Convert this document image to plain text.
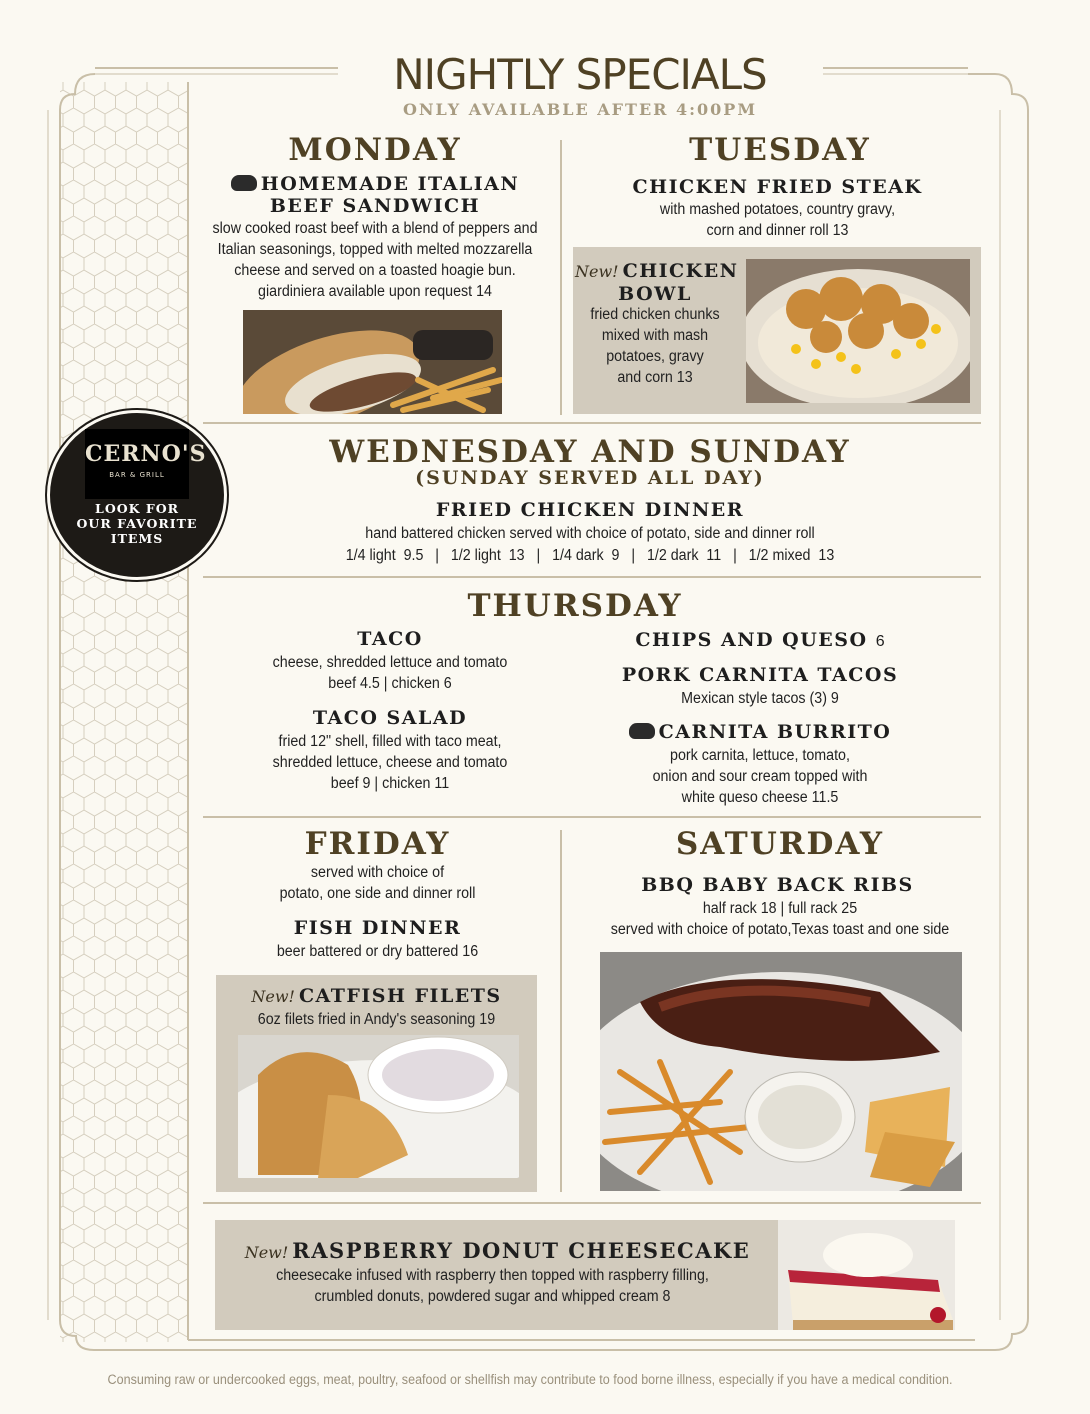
NIGHTLY SPECIALS
ONLY AVAILABLE AFTER 4:00PM
CERNO'S
BAR & GRILL
LOOK FOR
OUR FAVORITE
ITEMS
MONDAY
HOMEMADE ITALIAN
BEEF SANDWICH
slow cooked roast beef with a blend of peppers and
Italian seasonings, topped with melted mozzarella
cheese and served on a toasted hoagie bun.
giardiniera available upon request 14
TUESDAY
CHICKEN FRIED STEAK
with mashed potatoes, country gravy,
corn and dinner roll 13
New! CHICKEN
BOWL
fried chicken chunks
mixed with mash
potatoes, gravy
and corn 13
WEDNESDAY AND SUNDAY
(SUNDAY SERVED ALL DAY)
FRIED CHICKEN DINNER
hand battered chicken served with choice of potato, side and dinner roll
1/4 light  9.5   |   1/2 light  13   |   1/4 dark  9   |   1/2 dark  11   |   1/2 mixed  13
THURSDAY
TACO
cheese, shredded lettuce and tomato
beef 4.5 | chicken 6
TACO SALAD
fried 12" shell, filled with taco meat,
shredded lettuce, cheese and tomato
beef 9 | chicken 11
CHIPS AND QUESO 6
PORK CARNITA TACOS
Mexican style tacos (3) 9
CARNITA BURRITO
pork carnita, lettuce, tomato,
onion and sour cream topped with
white queso cheese 11.5
FRIDAY
served with choice of
potato, one side and dinner roll
FISH DINNER
beer battered or dry battered 16
New! CATFISH FILETS
6oz filets fried in Andy's seasoning 19
SATURDAY
BBQ BABY BACK RIBS
half rack 18 | full rack 25
served with choice of potato,Texas toast and one side
New! RASPBERRY DONUT CHEESECAKE
cheesecake infused with raspberry then topped with raspberry filling,
crumbled donuts, powdered sugar and whipped cream 8
Consuming raw or undercooked eggs, meat, poultry, seafood or shellfish may contribute to food borne illness, especially if you have a medical condition.
